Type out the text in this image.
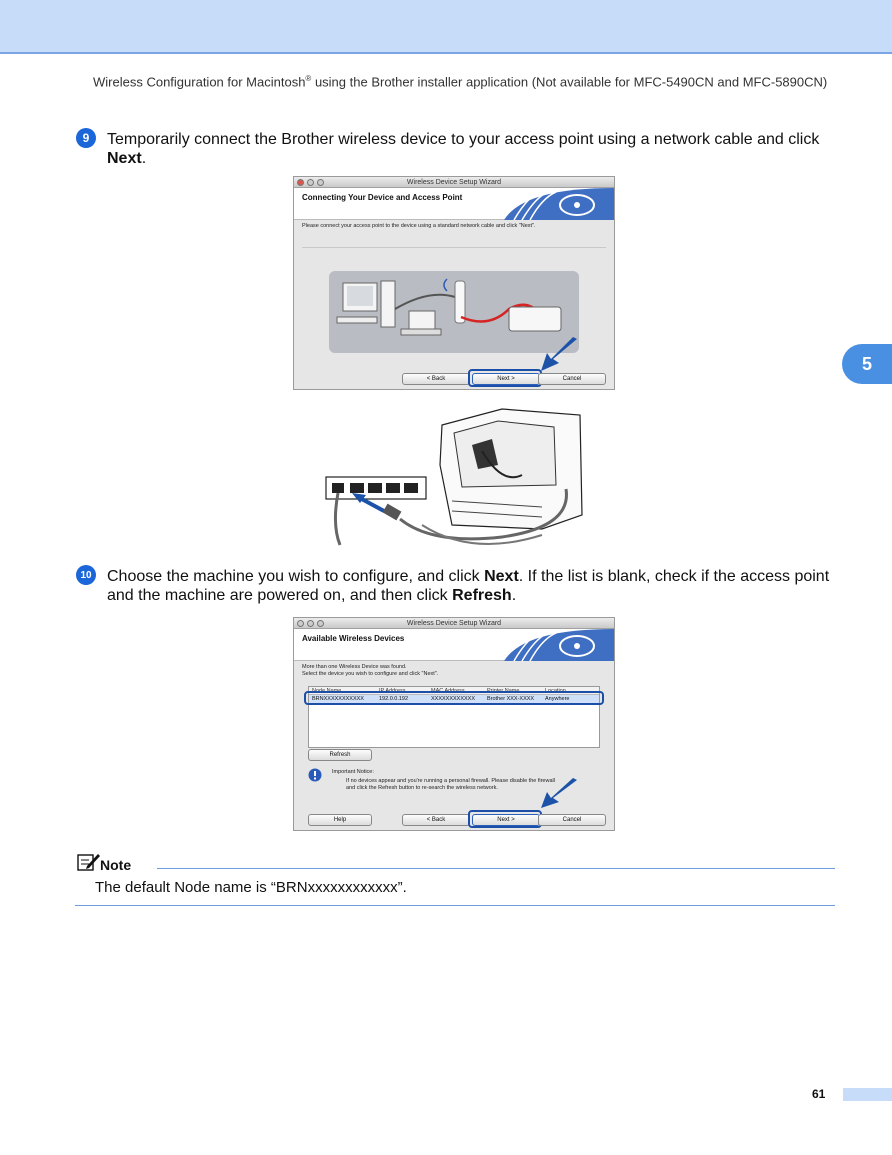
Wireless Configuration for Macintosh® using the Brother installer application (Not available for MFC-5490CN and MFC-5890CN)
5
9 Temporarily connect the Brother wireless device to your access point using a network cable and click Next.
Wireless Device Setup Wizard
Connecting Your Device and Access Point
Please connect your access point to the device using a standard network cable and click "Next".
< Back	Next >	Cancel
10 Choose the machine you wish to configure, and click Next. If the list is blank, check if the access point and the machine are powered on, and then click Refresh.
Wireless Device Setup Wizard
Available Wireless Devices
More than one Wireless Device was found.
Select the device you wish to configure and click "Next".
Node Name	IP Address	MAC Address	Printer Name	Location
BRNXXXXXXXXXXX	192.0.0.192	XXXXXXXXXXXX	Brother XXX-XXXX	Anywhere
Refresh
Important Notice:
If no devices appear and you're running a personal firewall. Please disable the firewall
and click the Refresh button to re-search the wireless network.
Help	< Back	Next >	Cancel
Note
The default Node name is “BRNxxxxxxxxxxxx”.
61
